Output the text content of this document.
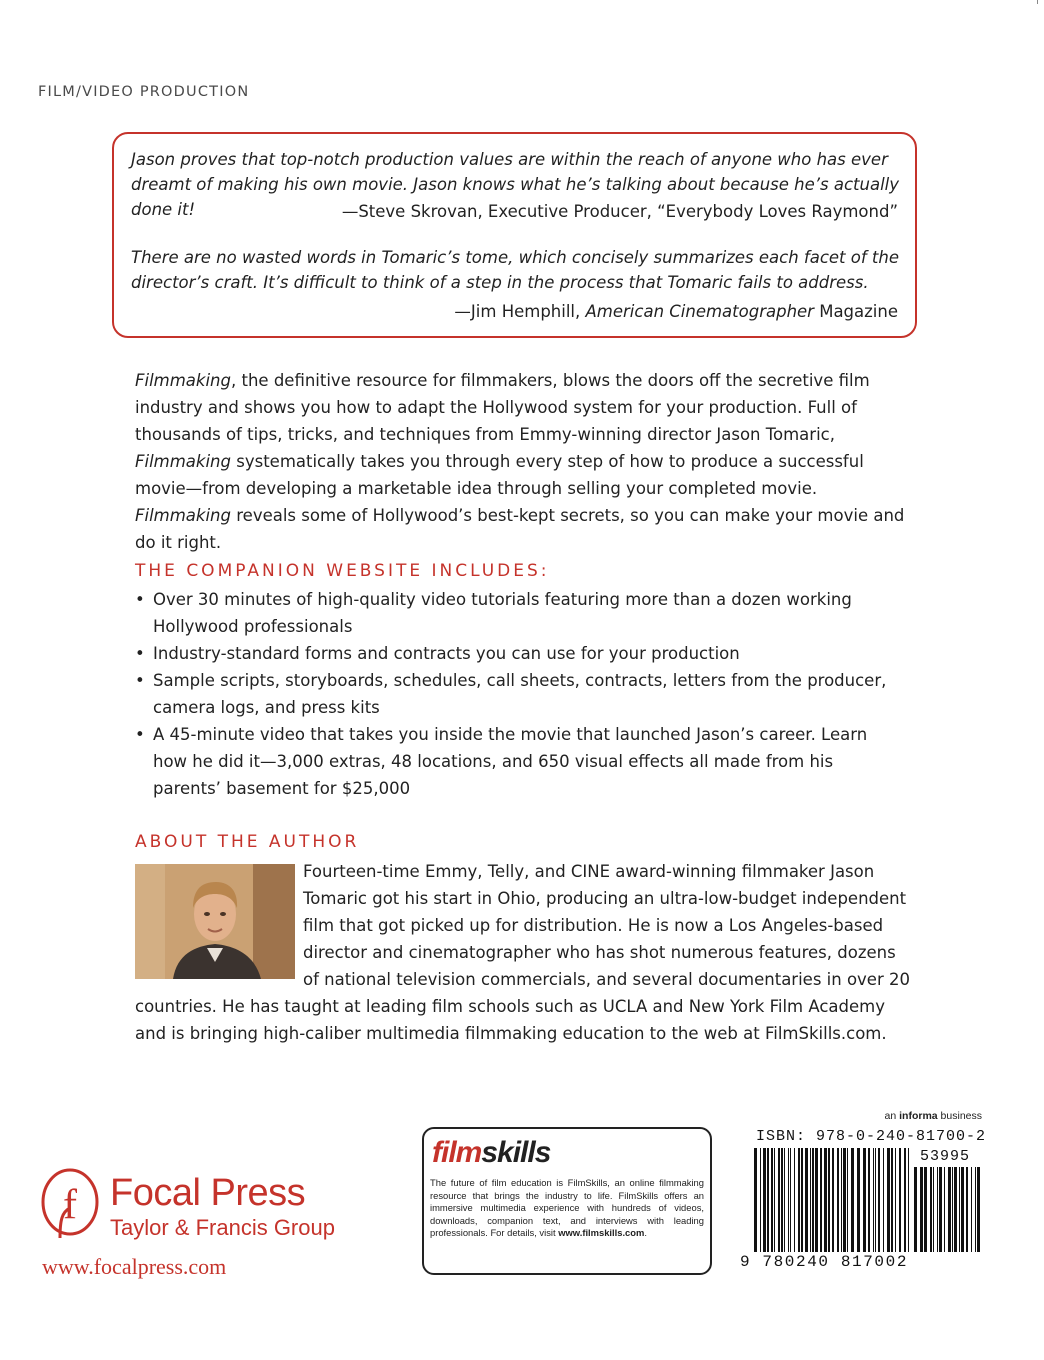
FILM/VIDEO PRODUCTION
Jason proves that top-notch production values are within the reach of anyone who has ever dreamt of making his own movie. Jason knows what he’s talking about because he’s actually done it!	—Steve Skrovan, Executive Producer, “Everybody Loves Raymond”
There are no wasted words in Tomaric’s tome, which concisely summarizes each facet of the director’s craft. It’s difficult to think of a step in the process that Tomaric fails to address.
—Jim Hemphill, American Cinematographer Magazine
Filmmaking, the definitive resource for filmmakers, blows the doors off the secretive film industry and shows you how to adapt the Hollywood system for your production. Full of thousands of tips, tricks, and techniques from Emmy-winning director Jason Tomaric, Filmmaking systematically takes you through every step of how to produce a successful movie—from developing a marketable idea through selling your completed movie. Filmmaking reveals some of Hollywood’s best-kept secrets, so you can make your movie and do it right.
THE COMPANION WEBSITE INCLUDES:
• Over 30 minutes of high-quality video tutorials featuring more than a dozen working Hollywood professionals
• Industry-standard forms and contracts you can use for your production
• Sample scripts, storyboards, schedules, call sheets, contracts, letters from the producer, camera logs, and press kits
• A 45-minute video that takes you inside the movie that launched Jason’s career. Learn how he did it—3,000 extras, 48 locations, and 650 visual effects all made from his parents’ basement for $25,000
ABOUT THE AUTHOR
Fourteen-time Emmy, Telly, and CINE award-winning filmmaker Jason Tomaric got his start in Ohio, producing an ultra-low-budget independent film that got picked up for distribution. He is now a Los Angeles-based director and cinematographer who has shot numerous features, dozens of national television commercials, and several documentaries in over 20 countries. He has taught at leading film schools such as UCLA and New York Film Academy and is bringing high-caliber multimedia filmmaking education to the web at FilmSkills.com.
f Focal Press
Taylor & Francis Group
www.focalpress.com
filmskills
The future of film education is FilmSkills, an online filmmaking resource that brings the industry to life. FilmSkills offers an immersive multimedia experience with hundreds of videos, downloads, companion text, and interviews with leading professionals. For details, visit www.filmskills.com.
an informa business
ISBN: 978-0-240-81700-2
53995
9 780240 817002
